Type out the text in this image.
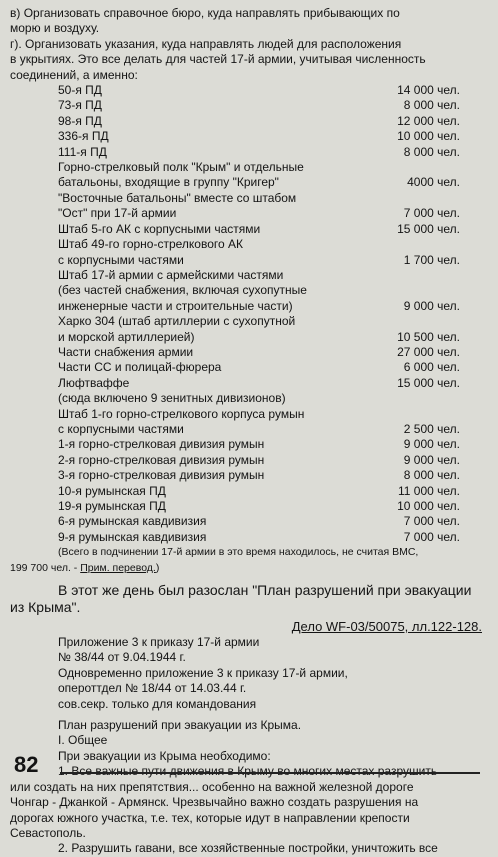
в) Организовать справочное бюро, куда направлять прибывающих по
морю и воздуху.
г). Организовать указания, куда направлять людей для расположения
в укрытиях. Это все делать для частей 17-й армии, учитывая численность
соединений, а именно:
50-я ПД	14 000 чел.
73-я ПД	8 000 чел.
98-я ПД	12 000 чел.
336-я ПД	10 000 чел.
111-я ПД	8 000 чел.
Горно-стрелковый полк "Крым" и отдельные
батальоны, входящие в группу "Кригер"	4000 чел.
"Восточные батальоны" вместе со штабом
"Ост" при 17-й армии	7 000 чел.
Штаб 5-го АК с корпусными частями	15 000 чел.
Штаб 49-го горно-стрелкового АК
с корпусными частями	1 700 чел.
Штаб 17-й армии с армейскими частями
(без частей снабжения, включая сухопутные
инженерные части и строительные части)	9 000 чел.
Харко 304 (штаб артиллерии с сухопутной
и морской артиллерией)	10 500 чел.
Части снабжения армии	27 000 чел.
Части СС и полицай-фюрера	6 000 чел.
Люфтваффе	15 000 чел.
(сюда включено 9 зенитных дивизионов)
Штаб 1-го горно-стрелкового корпуса румын
с корпусными частями	2 500 чел.
1-я горно-стрелковая дивизия румын	9 000 чел.
2-я горно-стрелковая дивизия румын	9 000 чел.
3-я горно-стрелковая дивизия румын	8 000 чел.
10-я румынская ПД	11 000 чел.
19-я румынская ПД	10 000 чел.
6-я румынская кавдивизия	7 000 чел.
9-я румынская кавдивизия	7 000 чел.
(Всего в подчинении 17-й армии в это время находилось, не считая ВМС,
199 700 чел. - Прим. перевод.)
В этот же день был разослан "План разрушений при эвакуации
из Крыма".
Дело WF-03/50075, лл.122-128.
Приложение 3 к приказу 17-й армии
№ 38/44 от 9.04.1944 г.
Одновременно приложение 3 к приказу 17-й армии,
опероттдел № 18/44 от 14.03.44 г.
сов.секр. только для командования
План разрушений при эвакуации из Крыма.
I. Общее
При эвакуации из Крыма необходимо:
1. Все важные пути движения в Крыму во многих местах разрушить
или создать на них препятствия... особенно на важной железной дороге
Чонгар - Джанкой - Армянск. Чрезвычайно важно создать разрушения на
дорогах южного участка, т.е. тех, которые идут в направлении крепости
Севастополь.
2. Разрушить гавани, все хозяйственные постройки, уничтожить все
82
